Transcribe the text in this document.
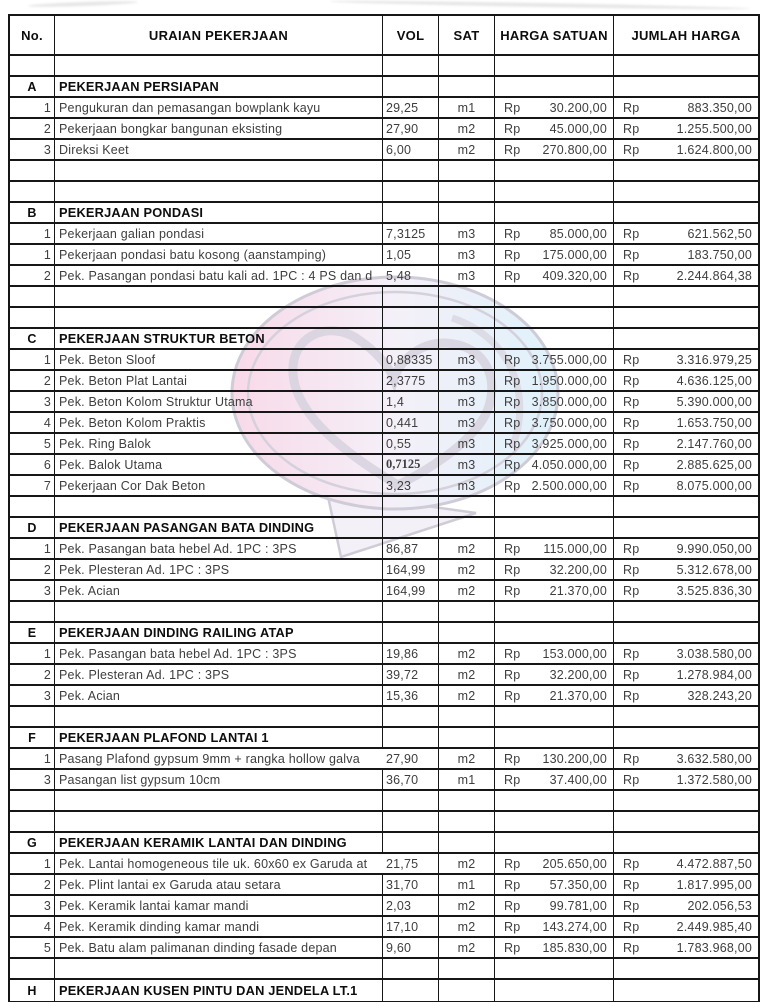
No.	URAIAN PEKERJAAN	VOL	SAT	HARGA SATUAN	JUMLAH HARGA
A	PEKERJAAN PERSIAPAN
1 Pengukuran dan pemasangan bowplank kayu	29,25	m1	Rp 30.200,00 Rp	883.350,00
2 Pekerjaan bongkar bangunan eksisting	27,90	m2	Rp 45.000,00 Rp	1.255.500,00
3 Direksi Keet	6,00	m2	Rp 270.800,00 Rp	1.624.800,00
B	PEKERJAAN PONDASI
1 Pekerjaan galian pondasi	7,3125	m3	Rp 85.000,00 Rp	621.562,50
1 Pekerjaan pondasi batu kosong (aanstamping)	1,05	m3	Rp 175.000,00 Rp	183.750,00
2 Pek. Pasangan pondasi batu kali ad. 1PC : 4 PS dan d	5,48	m3	Rp 409.320,00 Rp	2.244.864,38
C	PEKERJAAN STRUKTUR BETON
1 Pek. Beton Sloof	0,88335	m3	Rp 3.755.000,00 Rp	3.316.979,25
2 Pek. Beton Plat Lantai	2,3775	m3	Rp 1.950.000,00 Rp	4.636.125,00
3 Pek. Beton Kolom Struktur Utama	1,4	m3	Rp 3.850.000,00 Rp	5.390.000,00
4 Pek. Beton Kolom Praktis	0,441	m3	Rp 3.750.000,00 Rp	1.653.750,00
5 Pek. Ring Balok	0,55	m3	Rp 3.925.000,00 Rp	2.147.760,00
6 Pek. Balok Utama	0,7125	m3	Rp 4.050.000,00 Rp	2.885.625,00
7 Pekerjaan Cor Dak Beton	3,23	m3	Rp 2.500.000,00 Rp	8.075.000,00
D	PEKERJAAN PASANGAN BATA DINDING
1 Pek. Pasangan bata hebel Ad. 1PC : 3PS	86,87	m2	Rp 115.000,00 Rp	9.990.050,00
2 Pek. Plesteran Ad. 1PC : 3PS	164,99	m2	Rp 32.200,00 Rp	5.312.678,00
3 Pek. Acian	164,99	m2	Rp 21.370,00 Rp	3.525.836,30
E	PEKERJAAN DINDING RAILING ATAP
1 Pek. Pasangan bata hebel Ad. 1PC : 3PS	19,86	m2	Rp 153.000,00 Rp	3.038.580,00
2 Pek. Plesteran Ad. 1PC : 3PS	39,72	m2	Rp 32.200,00 Rp	1.278.984,00
3 Pek. Acian	15,36	m2	Rp 21.370,00 Rp	328.243,20
F	PEKERJAAN PLAFOND LANTAI 1
1 Pasang Plafond gypsum 9mm + rangka hollow galva	27,90	m2	Rp 130.200,00 Rp	3.632.580,00
3 Pasangan list gypsum 10cm	36,70	m1	Rp 37.400,00 Rp	1.372.580,00
G	PEKERJAAN KERAMIK LANTAI DAN DINDING
1 Pek. Lantai homogeneous tile uk. 60x60 ex Garuda at	21,75	m2	Rp 205.650,00 Rp	4.472.887,50
2 Pek. Plint lantai ex Garuda atau setara	31,70	m1	Rp 57.350,00 Rp	1.817.995,00
3 Pek. Keramik lantai kamar mandi	2,03	m2	Rp 99.781,00 Rp	202.056,53
4 Pek. Keramik dinding kamar mandi	17,10	m2	Rp 143.274,00 Rp	2.449.985,40
5 Pek. Batu alam palimanan dinding fasade depan	9,60	m2	Rp 185.830,00 Rp	1.783.968,00
H	PEKERJAAN KUSEN PINTU DAN JENDELA LT.1
